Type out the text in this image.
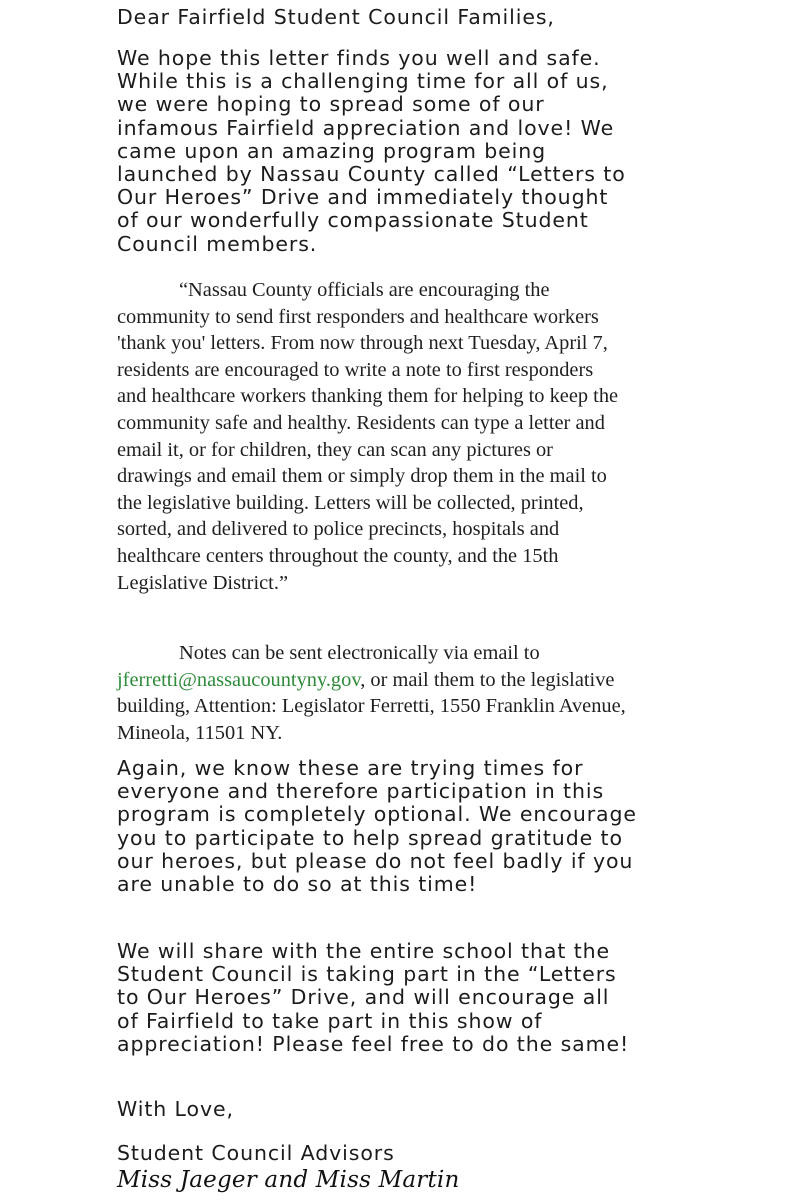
Dear Fairfield Student Council Families,

We hope this letter finds you well and safe. While this is a challenging time for all of us, we were hoping to spread some of our infamous Fairfield appreciation and love! We came upon an amazing program being launched by Nassau County called “Letters to Our Heroes” Drive and immediately thought of our wonderfully compassionate Student Council members.

“Nassau County officials are encouraging the community to send first responders and healthcare workers 'thank you' letters. From now through next Tuesday, April 7, residents are encouraged to write a note to first responders and healthcare workers thanking them for helping to keep the community safe and healthy. Residents can type a letter and email it, or for children, they can scan any pictures or drawings and email them or simply drop them in the mail to the legislative building. Letters will be collected, printed, sorted, and delivered to police precincts, hospitals and healthcare centers throughout the county, and the 15th Legislative District.”

Notes can be sent electronically via email to jferretti@nassaucountyny.gov, or mail them to the legislative building, Attention: Legislator Ferretti, 1550 Franklin Avenue, Mineola, 11501 NY.

Again, we know these are trying times for everyone and therefore participation in this program is completely optional. We encourage you to participate to help spread gratitude to our heroes, but please do not feel badly if you are unable to do so at this time!

We will share with the entire school that the Student Council is taking part in the “Letters to Our Heroes” Drive, and will encourage all of Fairfield to take part in this show of appreciation! Please feel free to do the same!

With Love,

Student Council Advisors

Miss Jaeger and Miss Martin
